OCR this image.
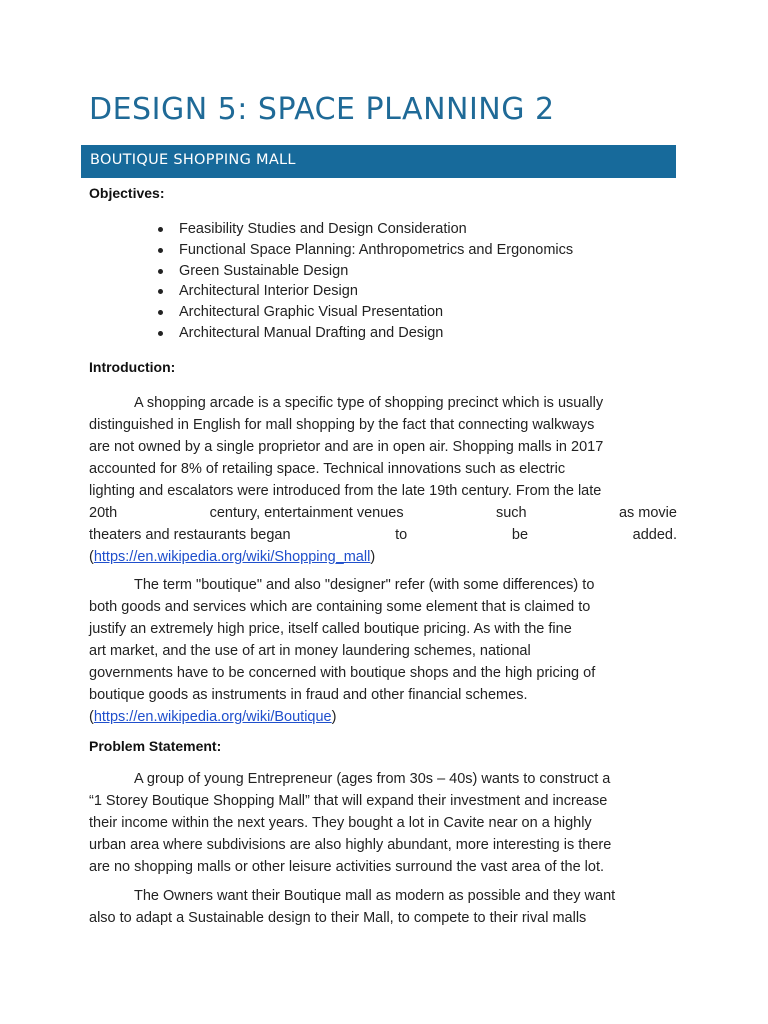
DESIGN 5: SPACE PLANNING 2
BOUTIQUE SHOPPING MALL
Objectives:
Feasibility Studies and Design Consideration
Functional Space Planning: Anthropometrics and Ergonomics
Green Sustainable Design
Architectural Interior Design
Architectural Graphic Visual Presentation
Architectural Manual Drafting and Design
Introduction:
A shopping arcade is a specific type of shopping precinct which is usually
distinguished in English for mall shopping by the fact that connecting walkways
are not owned by a single proprietor and are in open air. Shopping malls in 2017
accounted for 8% of retailing space. Technical innovations such as electric
lighting and escalators were introduced from the late 19th century. From the late
20th	century, entertainment venues	such	as movie
theaters and restaurants began	to	be	added.
( https://en.wikipedia.org/wiki/Shopping_mall )
The term "boutique" and also "designer" refer (with some differences) to
both goods and services which are containing some element that is claimed to
justify an extremely high price, itself called boutique pricing. As with the fine
art market, and the use of art in money laundering schemes, national
governments have to be concerned with boutique shops and the high pricing of
boutique goods as instruments in fraud and other financial schemes.
( https://en.wikipedia.org/wiki/Boutique )
Problem Statement:
A group of young Entrepreneur (ages from 30s – 40s) wants to construct a
“1 Storey Boutique Shopping Mall” that will expand their investment and increase
their income within the next years. They bought a lot in Cavite near on a highly
urban area where subdivisions are also highly abundant, more interesting is there
are no shopping malls or other leisure activities surround the vast area of the lot.
The Owners want their Boutique mall as modern as possible and they want
also to adapt a Sustainable design to their Mall, to compete to their rival malls
